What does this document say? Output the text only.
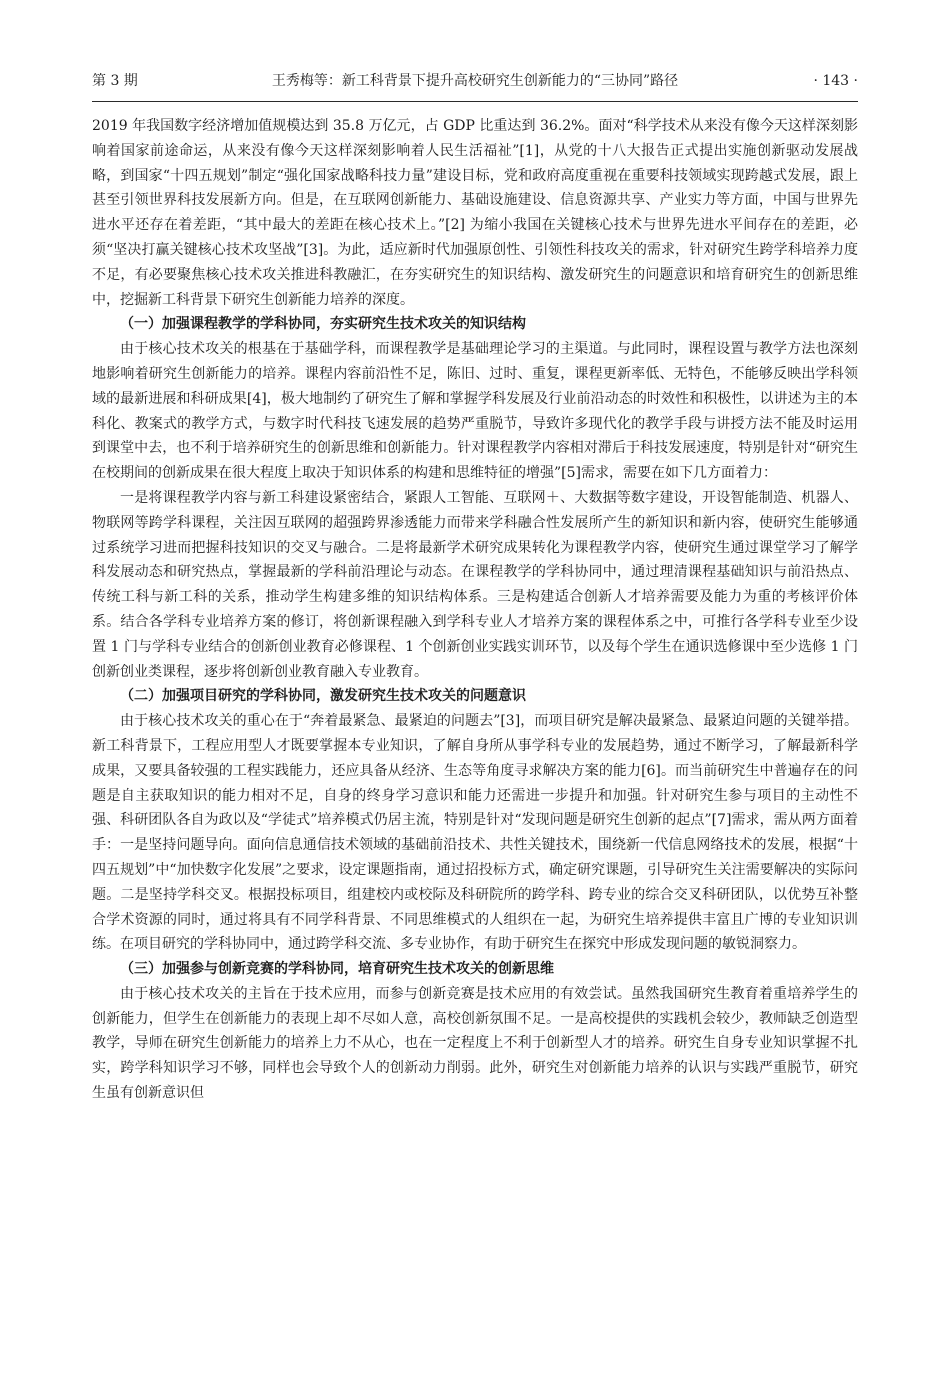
第 3 期	王秀梅等：新工科背景下提升高校研究生创新能力的“三协同”路径	· 143 ·

2019 年我国数字经济增加值规模达到 35.8 万亿元，占 GDP 比重达到 36.2%。面对“科学技术从来没有像今天这样深刻影响着国家前途命运，从来没有像今天这样深刻影响着人民生活福祉”[1]，从党的十八大报告正式提出实施创新驱动发展战略，到国家“十四五规划”制定“强化国家战略科技力量”建设目标，党和政府高度重视在重要科技领域实现跨越式发展，跟上甚至引领世界科技发展新方向。但是，在互联网创新能力、基础设施建设、信息资源共享、产业实力等方面，中国与世界先进水平还存在着差距，“其中最大的差距在核心技术上。”[2] 为缩小我国在关键核心技术与世界先进水平间存在的差距，必须“坚决打赢关键核心技术攻坚战”[3]。为此，适应新时代加强原创性、引领性科技攻关的需求，针对研究生跨学科培养力度不足，有必要聚焦核心技术攻关推进科教融汇，在夯实研究生的知识结构、激发研究生的问题意识和培育研究生的创新思维中，挖掘新工科背景下研究生创新能力培养的深度。

（一）加强课程教学的学科协同，夯实研究生技术攻关的知识结构

由于核心技术攻关的根基在于基础学科，而课程教学是基础理论学习的主渠道。与此同时，课程设置与教学方法也深刻地影响着研究生创新能力的培养。课程内容前沿性不足，陈旧、过时、重复，课程更新率低、无特色，不能够反映出学科领域的最新进展和科研成果[4]，极大地制约了研究生了解和掌握学科发展及行业前沿动态的时效性和积极性，以讲述为主的本科化、教案式的教学方式，与数字时代科技飞速发展的趋势严重脱节，导致许多现代化的教学手段与讲授方法不能及时运用到课堂中去，也不利于培养研究生的创新思维和创新能力。针对课程教学内容相对滞后于科技发展速度，特别是针对“研究生在校期间的创新成果在很大程度上取决于知识体系的构建和思维特征的增强”[5]需求，需要在如下几方面着力：

一是将课程教学内容与新工科建设紧密结合，紧跟人工智能、互联网＋、大数据等数字建设，开设智能制造、机器人、物联网等跨学科课程，关注因互联网的超强跨界渗透能力而带来学科融合性发展所产生的新知识和新内容，使研究生能够通过系统学习进而把握科技知识的交叉与融合。二是将最新学术研究成果转化为课程教学内容，使研究生通过课堂学习了解学科发展动态和研究热点，掌握最新的学科前沿理论与动态。在课程教学的学科协同中，通过理清课程基础知识与前沿热点、传统工科与新工科的关系，推动学生构建多维的知识结构体系。三是构建适合创新人才培养需要及能力为重的考核评价体系。结合各学科专业培养方案的修订，将创新课程融入到学科专业人才培养方案的课程体系之中，可推行各学科专业至少设置 1 门与学科专业结合的创新创业教育必修课程、1 个创新创业实践实训环节，以及每个学生在通识选修课中至少选修 1 门创新创业类课程，逐步将创新创业教育融入专业教育。

（二）加强项目研究的学科协同，激发研究生技术攻关的问题意识

由于核心技术攻关的重心在于“奔着最紧急、最紧迫的问题去”[3]，而项目研究是解决最紧急、最紧迫问题的关键举措。新工科背景下，工程应用型人才既要掌握本专业知识，了解自身所从事学科专业的发展趋势，通过不断学习，了解最新科学成果，又要具备较强的工程实践能力，还应具备从经济、生态等角度寻求解决方案的能力[6]。而当前研究生中普遍存在的问题是自主获取知识的能力相对不足，自身的终身学习意识和能力还需进一步提升和加强。针对研究生参与项目的主动性不强、科研团队各自为政以及“学徒式”培养模式仍居主流，特别是针对“发现问题是研究生创新的起点”[7]需求，需从两方面着手：一是坚持问题导向。面向信息通信技术领域的基础前沿技术、共性关键技术，围绕新一代信息网络技术的发展，根据“十四五规划”中“加快数字化发展”之要求，设定课题指南，通过招投标方式，确定研究课题，引导研究生关注需要解决的实际问题。二是坚持学科交叉。根据投标项目，组建校内或校际及科研院所的跨学科、跨专业的综合交叉科研团队，以优势互补整合学术资源的同时，通过将具有不同学科背景、不同思维模式的人组织在一起，为研究生培养提供丰富且广博的专业知识训练。在项目研究的学科协同中，通过跨学科交流、多专业协作，有助于研究生在探究中形成发现问题的敏锐洞察力。

（三）加强参与创新竞赛的学科协同，培育研究生技术攻关的创新思维

由于核心技术攻关的主旨在于技术应用，而参与创新竞赛是技术应用的有效尝试。虽然我国研究生教育着重培养学生的创新能力，但学生在创新能力的表现上却不尽如人意，高校创新氛围不足。一是高校提供的实践机会较少，教师缺乏创造型教学，导师在研究生创新能力的培养上力不从心，也在一定程度上不利于创新型人才的培养。研究生自身专业知识掌握不扎实，跨学科知识学习不够，同样也会导致个人的创新动力削弱。此外，研究生对创新能力培养的认识与实践严重脱节，研究生虽有创新意识但
